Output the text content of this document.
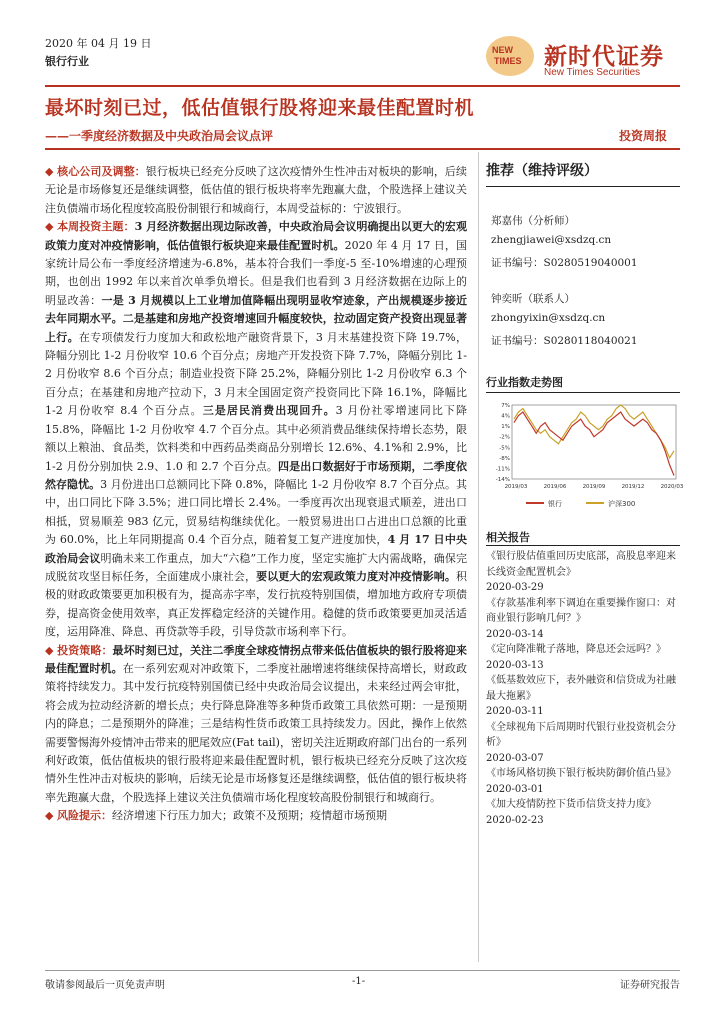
2020 年 04 月 19 日
银行行业
NEW
TIMES 新时代证券
New Times Securities
最坏时刻已过，低估值银行股将迎来最佳配置时机
——一季度经济数据及中央政治局会议点评	投资周报

◆ 核心公司及调整：银行板块已经充分反映了这次疫情外生性冲击对板块的影响，后续无论是市场修复还是继续调整，低估值的银行板块将率先跑赢大盘，个股选择上建议关注负债端市场化程度较高股份制银行和城商行，本周受益标的：宁波银行。

◆ 本周投资主题：3 月经济数据出现边际改善，中央政治局会议明确提出以更大的宏观政策力度对冲疫情影响，低估值银行板块迎来最佳配置时机。2020 年 4 月 17 日，国家统计局公布一季度经济增速为-6.8%，基本符合我们一季度-5 至-10%增速的心理预期，也创出 1992 年以来首次单季负增长。但是我们也看到 3 月经济数据在边际上的明显改善：一是 3 月规模以上工业增加值降幅出现明显收窄迹象，产出规模逐步接近去年同期水平。二是基建和房地产投资增速回升幅度较快，拉动固定资产投资出现显著上行。在专项债发行力度加大和政松地产融资背景下，3 月末基建投资下降 19.7%，降幅分别比 1-2 月份收窄 10.6 个百分点；房地产开发投资下降 7.7%，降幅分别比 1-2 月份收窄 8.6 个百分点；制造业投资下降 25.2%，降幅分别比 1-2 月份收窄 6.3 个百分点；在基建和房地产拉动下，3 月末全国固定资产投资同比下降 16.1%，降幅比 1-2 月份收窄 8.4 个百分点。三是居民消费出现回升。3 月份社零增速同比下降 15.8%，降幅比 1-2 月份收窄 4.7 个百分点。其中必须消费品继续保持增长态势，限额以上粮油、食品类，饮料类和中西药品类商品分别增长 12.6%、4.1%和 2.9%，比 1-2 月份分别加快 2.9、1.0 和 2.7 个百分点。四是出口数据好于市场预期，二季度依然存隐忧。3 月份进出口总额同比下降 0.8%，降幅比 1-2 月份收窄 8.7 个百分点。其中，出口同比下降 3.5%；进口同比增长 2.4%。一季度再次出现衰退式顺差，进出口相抵，贸易顺差 983 亿元，贸易结构继续优化。一般贸易进出口占进出口总额的比重为 60.0%，比上年同期提高 0.4 个百分点，随着复工复产进度加快，4 月 17 日中央政治局会议明确未来工作重点，加大“六稳”工作力度，坚定实施扩大内需战略，确保完成脱贫攻坚目标任务，全面建成小康社会，要以更大的宏观政策力度对冲疫情影响。积极的财政政策要更加积极有为，提高赤字率，发行抗疫特别国债，增加地方政府专项债券，提高资金使用效率，真正发挥稳定经济的关键作用。稳健的货币政策要更加灵活适度，运用降准、降息、再贷款等手段，引导贷款市场利率下行。

◆ 投资策略：最坏时刻已过，关注二季度全球疫情拐点带来低估值板块的银行股将迎来最佳配置时机。在一系列宏观对冲政策下，二季度社融增速将继续保持高增长，财政政策将持续发力。其中发行抗疫特别国债已经中央政治局会议提出，未来经过两会审批，将会成为拉动经济新的增长点；央行降息降准等多种货币政策工具依然可期：一是预期内的降息；二是预期外的降准；三是结构性货币政策工具持续发力。因此，操作上依然需要警惕海外疫情冲击带来的肥尾效应(Fat tail)，密切关注近期政府部门出台的一系列利好政策，低估值板块的银行股将迎来最佳配置时机，银行板块已经充分反映了这次疫情外生性冲击对板块的影响，后续无论是市场修复还是继续调整，低估值的银行板块将率先跑赢大盘，个股选择上建议关注负债端市场化程度较高股份制银行和城商行。

◆ 风险提示：经济增速下行压力加大；政策不及预期；疫情超市场预期

推荐（维持评级）
郑嘉伟（分析师）
zhengjiawei@xsdzq.cn
证书编号：S0280519040001
钟奕昕（联系人）
zhongyixin@xsdzq.cn
证书编号：S0280118040021
行业指数走势图
7%
4%
1%
-2%
-5%
-8%
-11%
-14%
2019/03	2019/06	2019/09	2019/12	2020/03
银行	沪深300
相关报告
《银行股估值重回历史底部，高股息率迎来长线资金配置机会》
2020-03-29
《存款基准利率下调迫在重要操作窗口：对商业银行影响几何？》
2020-03-14
《定向降准靴子落地，降息还会远吗？》
2020-03-13
《低基数效应下，表外融资和信贷成为社融最大拖累》
2020-03-11
《全球视角下后周期时代银行业投资机会分析》
2020-03-07
《市场风格切换下银行板块防御价值凸显》
2020-03-01
《加大疫情防控下货币信贷支持力度》
2020-02-23
敬请参阅最后一页免责声明	-1-	证券研究报告
